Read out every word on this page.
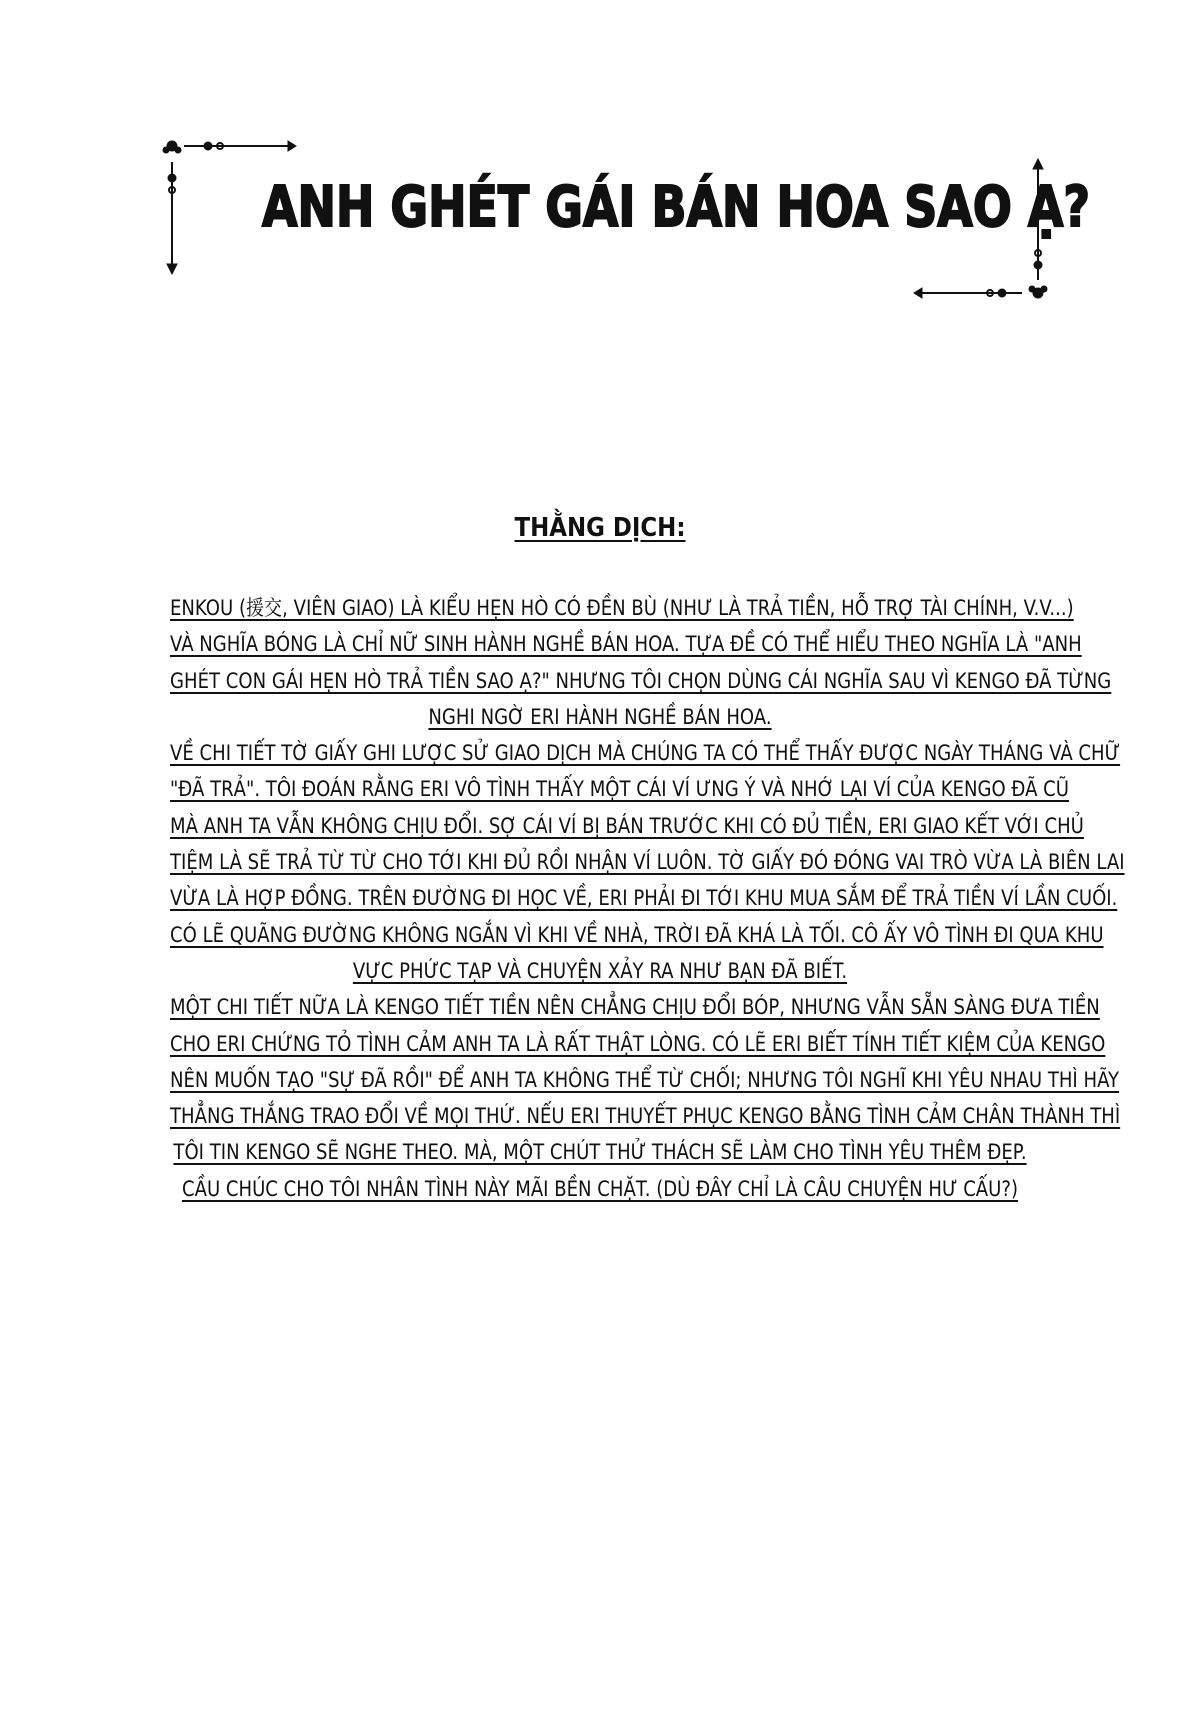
ANH GHÉT GÁI BÁN HOA SAO Ạ?
THẰNG DỊCH:
ENKOU (援交, VIÊN GIAO) LÀ KIỂU HẸN HÒ CÓ ĐỀN BÙ (NHƯ LÀ TRẢ TIỀN, HỖ TRỢ TÀI CHÍNH, V.V...)
VÀ NGHĨA BÓNG LÀ CHỈ NỮ SINH HÀNH NGHỀ BÁN HOA. TỰA ĐỀ CÓ THỂ HIỂU THEO NGHĨA LÀ "ANH
GHÉT CON GÁI HẸN HÒ TRẢ TIỀN SAO Ạ?" NHƯNG TÔI CHỌN DÙNG CÁI NGHĨA SAU VÌ KENGO ĐÃ TỪNG
NGHI NGỜ ERI HÀNH NGHỀ BÁN HOA.
VỀ CHI TIẾT TỜ GIẤY GHI LƯỢC SỬ GIAO DỊCH MÀ CHÚNG TA CÓ THỂ THẤY ĐƯỢC NGÀY THÁNG VÀ CHỮ
"ĐÃ TRẢ". TÔI ĐOÁN RẰNG ERI VÔ TÌNH THẤY MỘT CÁI VÍ ƯNG Ý VÀ NHỚ LẠI VÍ CỦA KENGO ĐÃ CŨ
MÀ ANH TA VẪN KHÔNG CHỊU ĐỔI. SỢ CÁI VÍ BỊ BÁN TRƯỚC KHI CÓ ĐỦ TIỀN, ERI GIAO KẾT VỚI CHỦ
TIỆM LÀ SẼ TRẢ TỪ TỪ CHO TỚI KHI ĐỦ RỒI NHẬN VÍ LUÔN. TỜ GIẤY ĐÓ ĐÓNG VAI TRÒ VỪA LÀ BIÊN LAI
VỪA LÀ HỢP ĐỒNG. TRÊN ĐƯỜNG ĐI HỌC VỀ, ERI PHẢI ĐI TỚI KHU MUA SẮM ĐỂ TRẢ TIỀN VÍ LẦN CUỐI.
CÓ LẼ QUÃNG ĐƯỜNG KHÔNG NGẮN VÌ KHI VỀ NHÀ, TRỜI ĐÃ KHÁ LÀ TỐI. CÔ ẤY VÔ TÌNH ĐI QUA KHU
VỰC PHỨC TẠP VÀ CHUYỆN XẢY RA NHƯ BẠN ĐÃ BIẾT.
MỘT CHI TIẾT NỮA LÀ KENGO TIẾT TIỀN NÊN CHẲNG CHỊU ĐỔI BÓP, NHƯNG VẪN SẴN SÀNG ĐƯA TIỀN
CHO ERI CHỨNG TỎ TÌNH CẢM ANH TA LÀ RẤT THẬT LÒNG. CÓ LẼ ERI BIẾT TÍNH TIẾT KIỆM CỦA KENGO
NÊN MUỐN TẠO "SỰ ĐÃ RỒI" ĐỂ ANH TA KHÔNG THỂ TỪ CHỐI; NHƯNG TÔI NGHĨ KHI YÊU NHAU THÌ HÃY
THẲNG THẮNG TRAO ĐỔI VỀ MỌI THỨ. NẾU ERI THUYẾT PHỤC KENGO BẰNG TÌNH CẢM CHÂN THÀNH THÌ
TÔI TIN KENGO SẼ NGHE THEO. MÀ, MỘT CHÚT THỬ THÁCH SẼ LÀM CHO TÌNH YÊU THÊM ĐẸP.
CẦU CHÚC CHO TÔI NHÂN TÌNH NÀY MÃI BỀN CHẶT. (DÙ ĐÂY CHỈ LÀ CÂU CHUYỆN HƯ CẤU?)
